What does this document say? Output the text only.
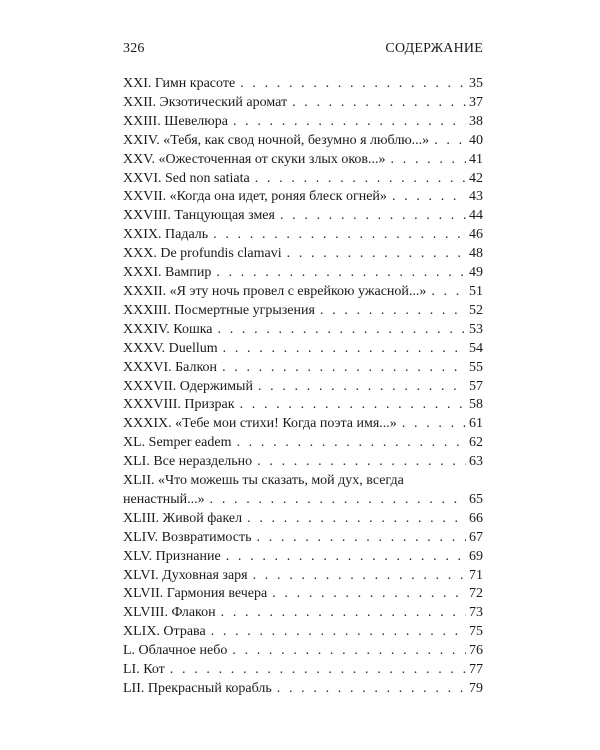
326	СОДЕРЖАНИЕ
XXI. Гимн красоте . . .	35
XXII. Экзотический аромат . . .	37
XXIII. Шевелюра . . .	38
XXIV. «Тебя, как свод ночной, безумно я люблю...» . . .	40
XXV. «Ожесточенная от скуки злых оков...» . . .	41
XXVI. Sed non satiata . . .	42
XXVII. «Когда она идет, роняя блеск огней» . . .	43
XXVIII. Танцующая змея . . .	44
XXIX. Падаль . . .	46
XXX. De profundis clamavi . . .	48
XXXI. Вампир . . .	49
XXXII. «Я эту ночь провел с еврейкою ужасной...» . . .	51
XXXIII. Посмертные угрызения . . .	52
XXXIV. Кошка . . .	53
XXXV. Duellum . . .	54
XXXVI. Балкон . . .	55
XXXVII. Одержимый . . .	57
XXXVIII. Призрак . . .	58
XXXIX. «Тебе мои стихи! Когда поэта имя...» . . .	61
XL. Semper eadem . . .	62
XLI. Все нераздельно . . .	63
XLII. «Что можешь ты сказать, мой дух, всегда
ненастный...» . . .	65
XLIII. Живой факел . . .	66
XLIV. Возвратимость . . .	67
XLV. Признание . . .	69
XLVI. Духовная заря . . .	71
XLVII. Гармония вечера . . .	72
XLVIII. Флакон . . .	73
XLIX. Отрава . . .	75
L. Облачное небо . . .	76
LI. Кот . . .	77
LII. Прекрасный корабль . . .	79
